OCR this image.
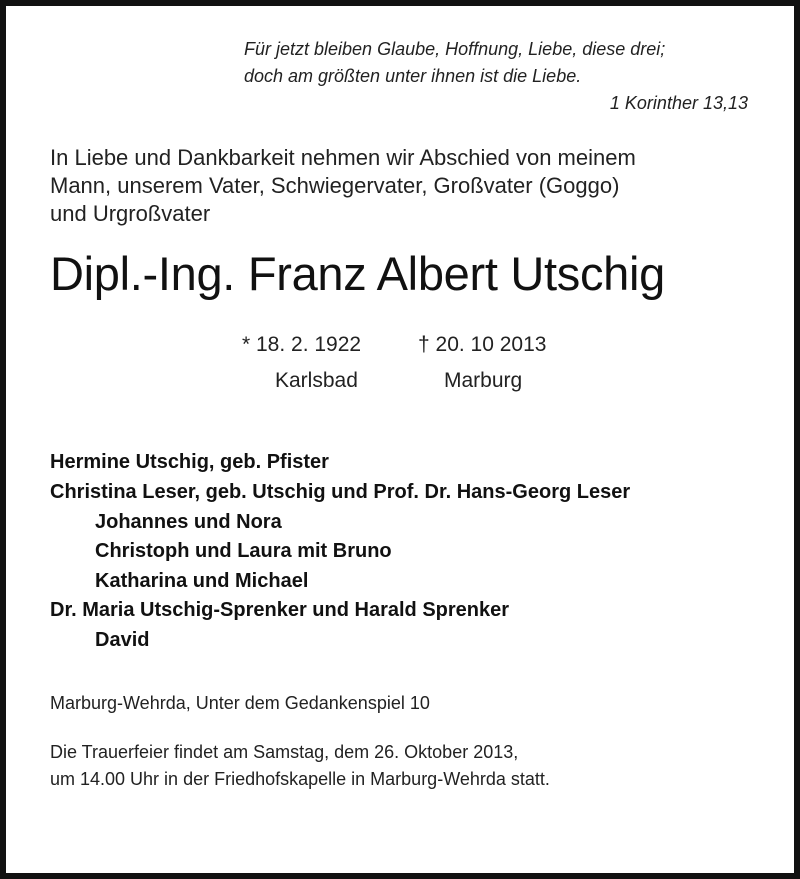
Für jetzt bleiben Glaube, Hoffnung, Liebe, diese drei;
doch am größten unter ihnen ist die Liebe.
1 Korinther 13,13
In Liebe und Dankbarkeit nehmen wir Abschied von meinem
Mann, unserem Vater, Schwiegervater, Großvater (Goggo)
und Urgroßvater
Dipl.-Ing. Franz Albert Utschig
* 18. 2. 1922	† 20. 10 2013
Karlsbad	Marburg
Hermine Utschig, geb. Pfister
Christina Leser, geb. Utschig und Prof. Dr. Hans-Georg Leser
Johannes und Nora
Christoph und Laura mit Bruno
Katharina und Michael
Dr. Maria Utschig-Sprenker und Harald Sprenker
David
Marburg-Wehrda, Unter dem Gedankenspiel 10
Die Trauerfeier findet am Samstag, dem 26. Oktober 2013,
um 14.00 Uhr in der Friedhofskapelle in Marburg-Wehrda statt.
